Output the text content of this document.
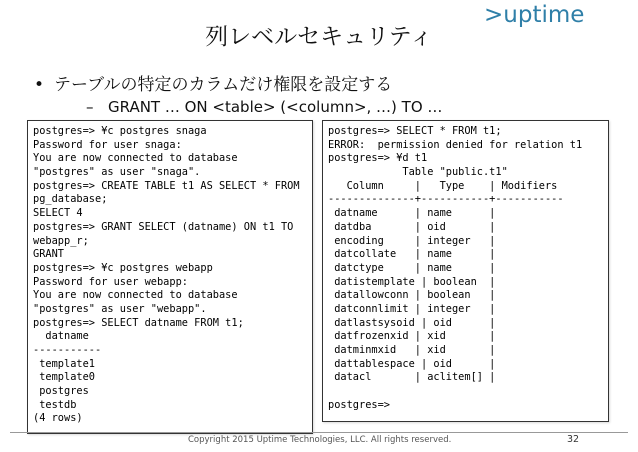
>uptime
列レベルセキュリティ
• テーブルの特定のカラムだけ権限を設定する
– GRANT … ON <table> (<column>, …) TO …
postgres=> ¥c postgres snaga
Password for user snaga:
You are now connected to database
"postgres" as user "snaga".
postgres=> CREATE TABLE t1 AS SELECT * FROM
pg_database;
SELECT 4
postgres=> GRANT SELECT (datname) ON t1 TO
webapp_r;
GRANT
postgres=> ¥c postgres webapp
Password for user webapp:
You are now connected to database
"postgres" as user "webapp".
postgres=> SELECT datname FROM t1;
datname
-----------
template1
template0
postgres
testdb
(4 rows)
postgres=> SELECT * FROM t1;
ERROR:  permission denied for relation t1
postgres=> ¥d t1
Table "public.t1"
Column     |   Type    | Modifiers
--------------+-----------+-----------
datname      | name      |
datdba       | oid       |
encoding     | integer   |
datcollate   | name      |
datctype     | name      |
datistemplate | boolean  |
datallowconn | boolean   |
datconnlimit | integer   |
datlastsysoid | oid      |
datfrozenxid | xid       |
datminmxid   | xid       |
dattablespace | oid      |
datacl       | aclitem[] |
postgres=>
Copyright 2015 Uptime Technologies, LLC. All rights reserved.	32
